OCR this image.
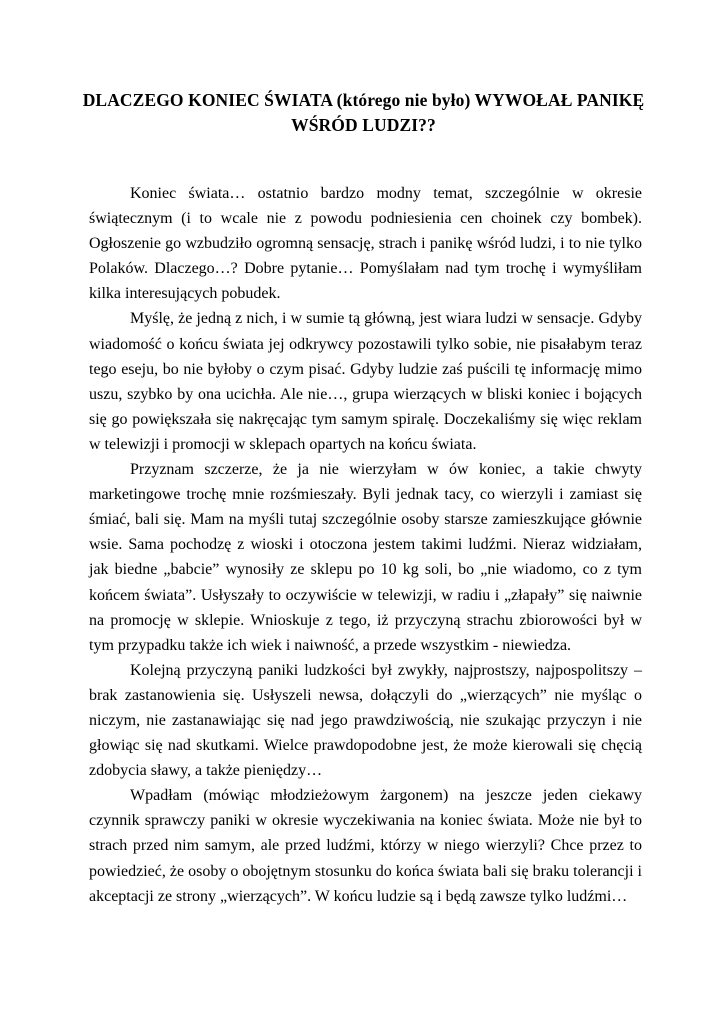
DLACZEGO KONIEC ŚWIATA (którego nie było) WYWOŁAŁ PANIKĘ WŚRÓD LUDZI??

Koniec świata… ostatnio bardzo modny temat, szczególnie w okresie świątecznym (i to wcale nie z powodu podniesienia cen choinek czy bombek). Ogłoszenie go wzbudziło ogromną sensację, strach i panikę wśród ludzi, i to nie tylko Polaków. Dlaczego…? Dobre pytanie… Pomyślałam nad tym trochę i wymyśliłam kilka interesujących pobudek.

Myślę, że jedną z nich, i w sumie tą główną, jest wiara ludzi w sensacje. Gdyby wiadomość o końcu świata jej odkrywcy pozostawili tylko sobie, nie pisałabym teraz tego eseju, bo nie byłoby o czym pisać. Gdyby ludzie zaś puścili tę informację mimo uszu, szybko by ona ucichła. Ale nie…, grupa wierzących w bliski koniec i bojących się go powiększała się nakręcając tym samym spiralę. Doczekaliśmy się więc reklam w telewizji i promocji w sklepach opartych na końcu świata.

Przyznam szczerze, że ja nie wierzyłam w ów koniec, a takie chwyty marketingowe trochę mnie rozśmieszały. Byli jednak tacy, co wierzyli i zamiast się śmiać, bali się. Mam na myśli tutaj szczególnie osoby starsze zamieszkujące głównie wsie. Sama pochodzę z wioski i otoczona jestem takimi ludźmi. Nieraz widziałam, jak biedne „babcie” wynosiły ze sklepu po 10 kg soli, bo „nie wiadomo, co z tym końcem świata”. Usłyszały to oczywiście w telewizji, w radiu i „złapały” się naiwnie na promocję w sklepie. Wnioskuje z tego, iż przyczyną strachu zbiorowości był w tym przypadku także ich wiek i naiwność, a przede wszystkim - niewiedza.

Kolejną przyczyną paniki ludzkości był zwykły, najprostszy, najpospolitszy – brak zastanowienia się. Usłyszeli newsa, dołączyli do „wierzących” nie myśląc o niczym, nie zastanawiając się nad jego prawdziwością, nie szukając przyczyn i nie głowiąc się nad skutkami. Wielce prawdopodobne jest, że może kierowali się chęcią zdobycia sławy, a także pieniędzy…

Wpadłam (mówiąc młodzieżowym żargonem) na jeszcze jeden ciekawy czynnik sprawczy paniki w okresie wyczekiwania na koniec świata. Może nie był to strach przed nim samym, ale przed ludźmi, którzy w niego wierzyli? Chce przez to powiedzieć, że osoby o obojętnym stosunku do końca świata bali się braku tolerancji i akceptacji ze strony „wierzących”. W końcu ludzie są i będą zawsze tylko ludźmi…
